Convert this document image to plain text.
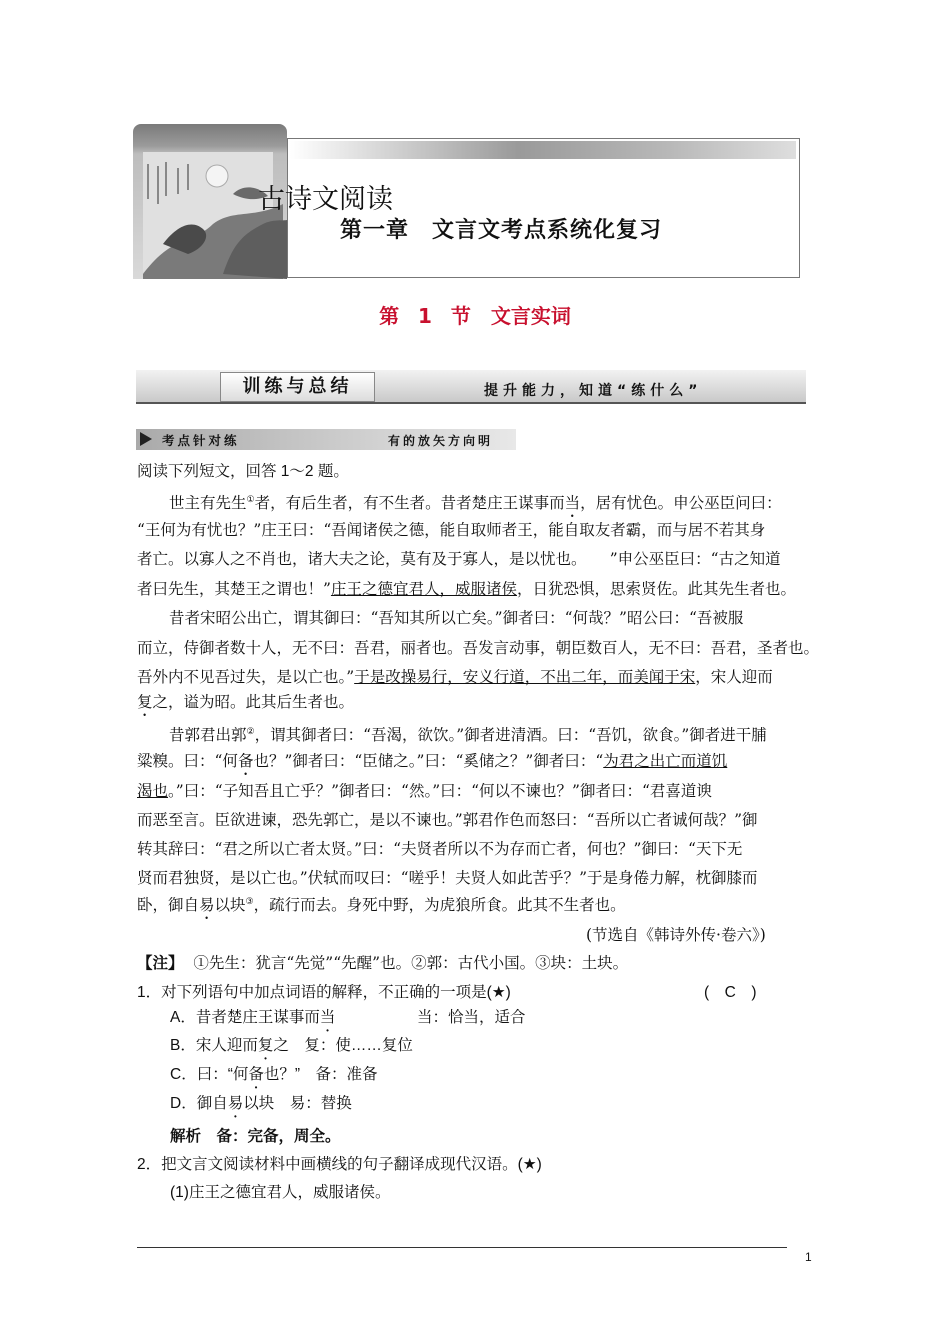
古诗文阅读
第一章　文言文考点系统化复习
第 1 节　文言实词
训练与总结	提升能力，知道“练什么”
考点针对练	有的放矢方向明
阅读下列短文，回答 1～2 题。
世主有先生①者，有后生者，有不生者。昔者楚庄王谋事而当，居有忧色。申公巫臣问曰：
“王何为有忧也？”庄王曰：“吾闻诸侯之德，能自取师者王，能自取友者霸，而与居不若其身
者亡。以寡人之不肖也，诸大夫之论，莫有及于寡人，是以忧也。　　”申公巫臣曰：“古之知道
者曰先生，其楚王之谓也！”庄王之德宜君人，威服诸侯，日犹恐惧，思索贤佐。此其先生者也。
昔者宋昭公出亡，谓其御曰：“吾知其所以亡矣。”御者曰：“何哉？”昭公曰：“吾被服
而立，侍御者数十人，无不曰：吾君，丽者也。吾发言动事，朝臣数百人，无不曰：吾君，圣者也。
吾外内不见吾过失，是以亡也。”于是改操易行，安义行道，不出二年，而美闻于宋，宋人迎而
复之，谥为昭。此其后生者也。
昔郭君出郭②，谓其御者曰：“吾渴，欲饮。”御者进清酒。曰：“吾饥，欲食。”御者进干脯
粱糗。曰：“何备也？”御者曰：“臣储之。”曰：“奚储之？”御者曰：“为君之出亡而道饥
渴也。”曰：“子知吾且亡乎？”御者曰：“然。”曰：“何以不谏也？”御者曰：“君喜道谀
而恶至言。臣欲进谏，恐先郭亡，是以不谏也。”郭君作色而怒曰：“吾所以亡者诚何哉？”御
转其辞曰：“君之所以亡者太贤。”曰：“夫贤者所以不为存而亡者，何也？”御曰：“天下无
贤而君独贤，是以亡也。”伏轼而叹曰：“嗟乎！夫贤人如此苦乎？”于是身倦力解，枕御膝而
卧，御自易以块③，疏行而去。身死中野，为虎狼所食。此其不生者也。
(节选自《韩诗外传·卷六》)
【注】 ①先生：犹言“先觉”“先醒”也。②郭：古代小国。③块：土块。
1．对下列语句中加点词语的解释，不正确的一项是(★)	(　C　)
A．昔者楚庄王谋事而当	当：恰当，适合
B．宋人迎而复之　复：使……复位
C．曰：“何备也？”　备：准备
D．御自易以块　易：替换
解析　备：完备，周全。
2．把文言文阅读材料中画横线的句子翻译成现代汉语。(★)
(1)庄王之德宜君人，威服诸侯。
1
